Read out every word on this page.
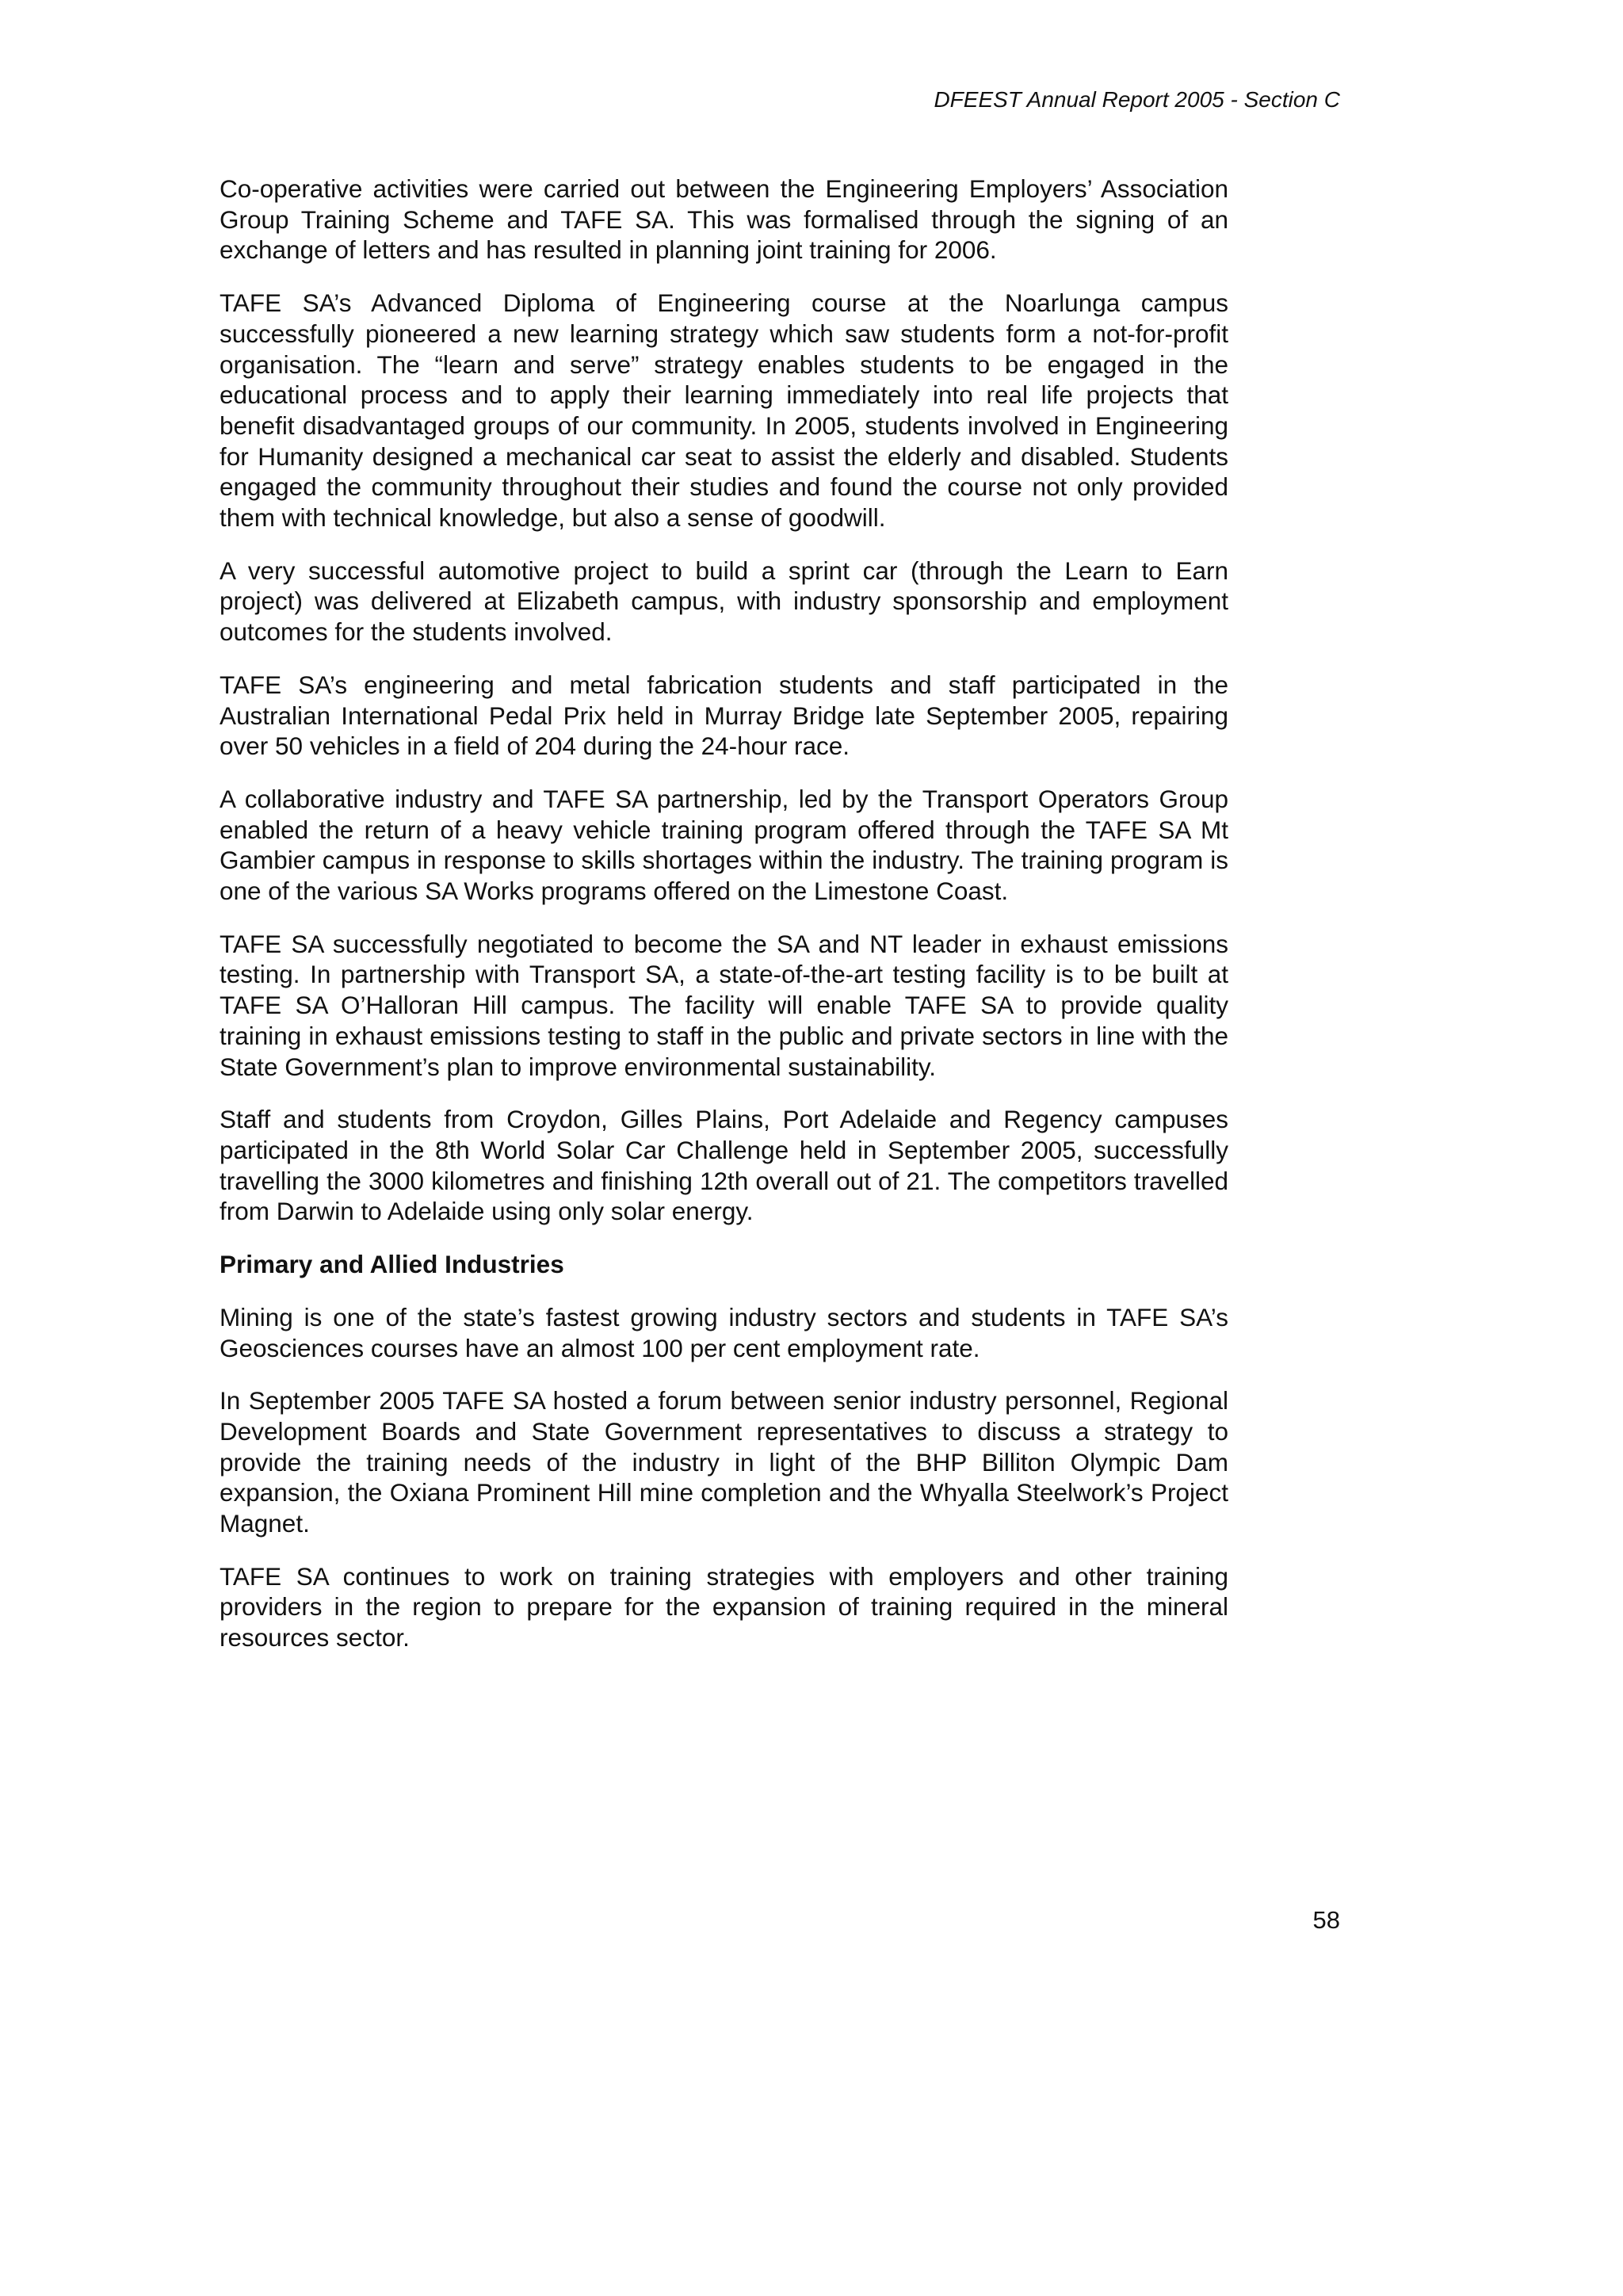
DFEEST Annual Report 2005 - Section C

Co-operative activities were carried out between the Engineering Employers’ Association Group Training Scheme and TAFE SA. This was formalised through the signing of an exchange of letters and has resulted in planning joint training for 2006.

TAFE SA’s Advanced Diploma of Engineering course at the Noarlunga campus successfully pioneered a new learning strategy which saw students form a not-for-profit organisation. The “learn and serve” strategy enables students to be engaged in the educational process and to apply their learning immediately into real life projects that benefit disadvantaged groups of our community. In 2005, students involved in Engineering for Humanity designed a mechanical car seat to assist the elderly and disabled. Students engaged the community throughout their studies and found the course not only provided them with technical knowledge, but also a sense of goodwill.

A very successful automotive project to build a sprint car (through the Learn to Earn project) was delivered at Elizabeth campus, with industry sponsorship and employment outcomes for the students involved.

TAFE SA’s engineering and metal fabrication students and staff participated in the Australian International Pedal Prix held in Murray Bridge late September 2005, repairing over 50 vehicles in a field of 204 during the 24-hour race.

A collaborative industry and TAFE SA partnership, led by the Transport Operators Group enabled the return of a heavy vehicle training program offered through the TAFE SA Mt Gambier campus in response to skills shortages within the industry. The training program is one of the various SA Works programs offered on the Limestone Coast.

TAFE SA successfully negotiated to become the SA and NT leader in exhaust emissions testing. In partnership with Transport SA, a state-of-the-art testing facility is to be built at TAFE SA O’Halloran Hill campus. The facility will enable TAFE SA to provide quality training in exhaust emissions testing to staff in the public and private sectors in line with the State Government’s plan to improve environmental sustainability.

Staff and students from Croydon, Gilles Plains, Port Adelaide and Regency campuses participated in the 8th World Solar Car Challenge held in September 2005, successfully travelling the 3000 kilometres and finishing 12th overall out of 21. The competitors travelled from Darwin to Adelaide using only solar energy.

Primary and Allied Industries

Mining is one of the state’s fastest growing industry sectors and students in TAFE SA’s Geosciences courses have an almost 100 per cent employment rate.

In September 2005 TAFE SA hosted a forum between senior industry personnel, Regional Development Boards and State Government representatives to discuss a strategy to provide the training needs of the industry in light of the BHP Billiton Olympic Dam expansion, the Oxiana Prominent Hill mine completion and the Whyalla Steelwork’s Project Magnet.

TAFE SA continues to work on training strategies with employers and other training providers in the region to prepare for the expansion of training required in the mineral resources sector.

58
